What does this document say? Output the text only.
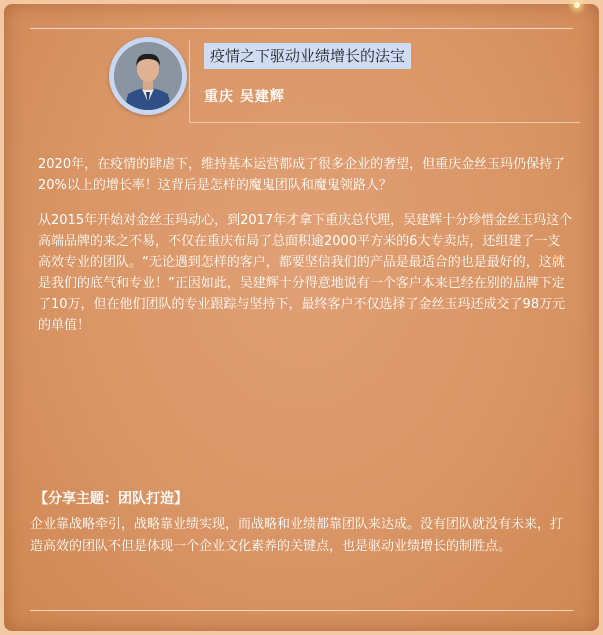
疫情之下驱动业绩增长的法宝
重庆 吴建辉

2020年，在疫情的肆虐下，维持基本运营都成了很多企业的奢望，但重庆金丝玉玛仍保持了20%以上的增长率！这背后是怎样的魔鬼团队和魔鬼领路人？

从2015年开始对金丝玉玛动心，到2017年才拿下重庆总代理，吴建辉十分珍惜金丝玉玛这个高端品牌的来之不易，不仅在重庆布局了总面积逾2000平方米的6大专卖店，还组建了一支高效专业的团队。“无论遇到怎样的客户，都要坚信我们的产品是最适合的也是最好的，这就是我们的底气和专业！”正因如此，吴建辉十分得意地说有一个客户本来已经在别的品牌下定了10万，但在他们团队的专业跟踪与坚持下，最终客户不仅选择了金丝玉玛还成交了98万元的单值！

【分享主题：团队打造】

企业靠战略牵引，战略靠业绩实现，而战略和业绩都靠团队来达成。没有团队就没有未来，打造高效的团队不但是体现一个企业文化素养的关键点，也是驱动业绩增长的制胜点。
